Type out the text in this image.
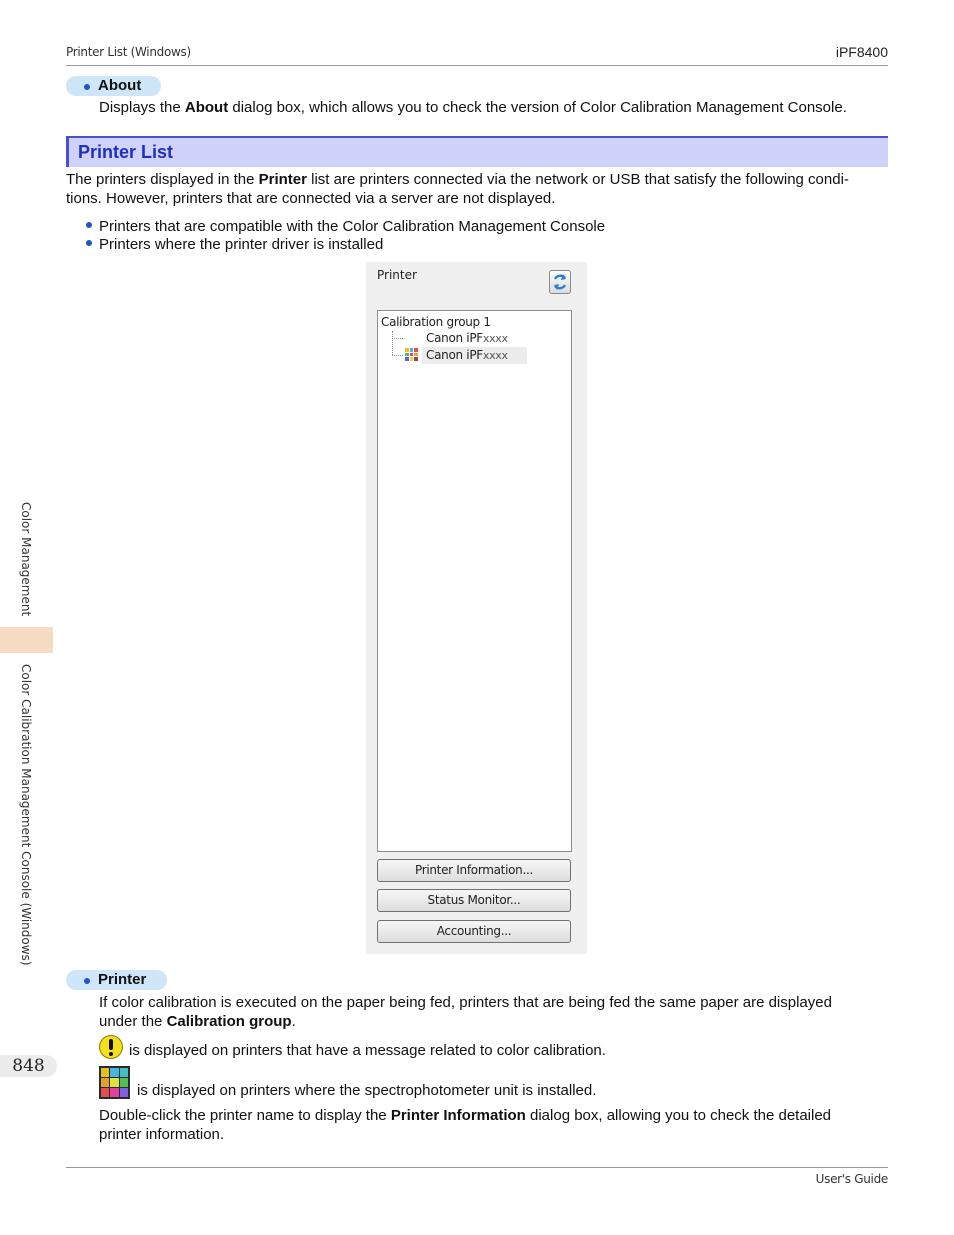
Printer List (Windows)	iPF8400
About
Displays the About dialog box, which allows you to check the version of Color Calibration Management Console.
Printer List
The printers displayed in the Printer list are printers connected via the network or USB that satisfy the following condi-
tions. However, printers that are connected via a server are not displayed.
Printers that are compatible with the Color Calibration Management Console
Printers where the printer driver is installed
Printer
Calibration group 1
Canon iPFxxxx
Canon iPFxxxx
Printer Information...
Status Monitor...
Accounting...
Printer
If color calibration is executed on the paper being fed, printers that are being fed the same paper are displayed
under the Calibration group.
is displayed on printers that have a message related to color calibration.
is displayed on printers where the spectrophotometer unit is installed.
Double-click the printer name to display the Printer Information dialog box, allowing you to check the detailed
printer information.
Color Management
Color Calibration Management Console (Windows)
848
User's Guide
